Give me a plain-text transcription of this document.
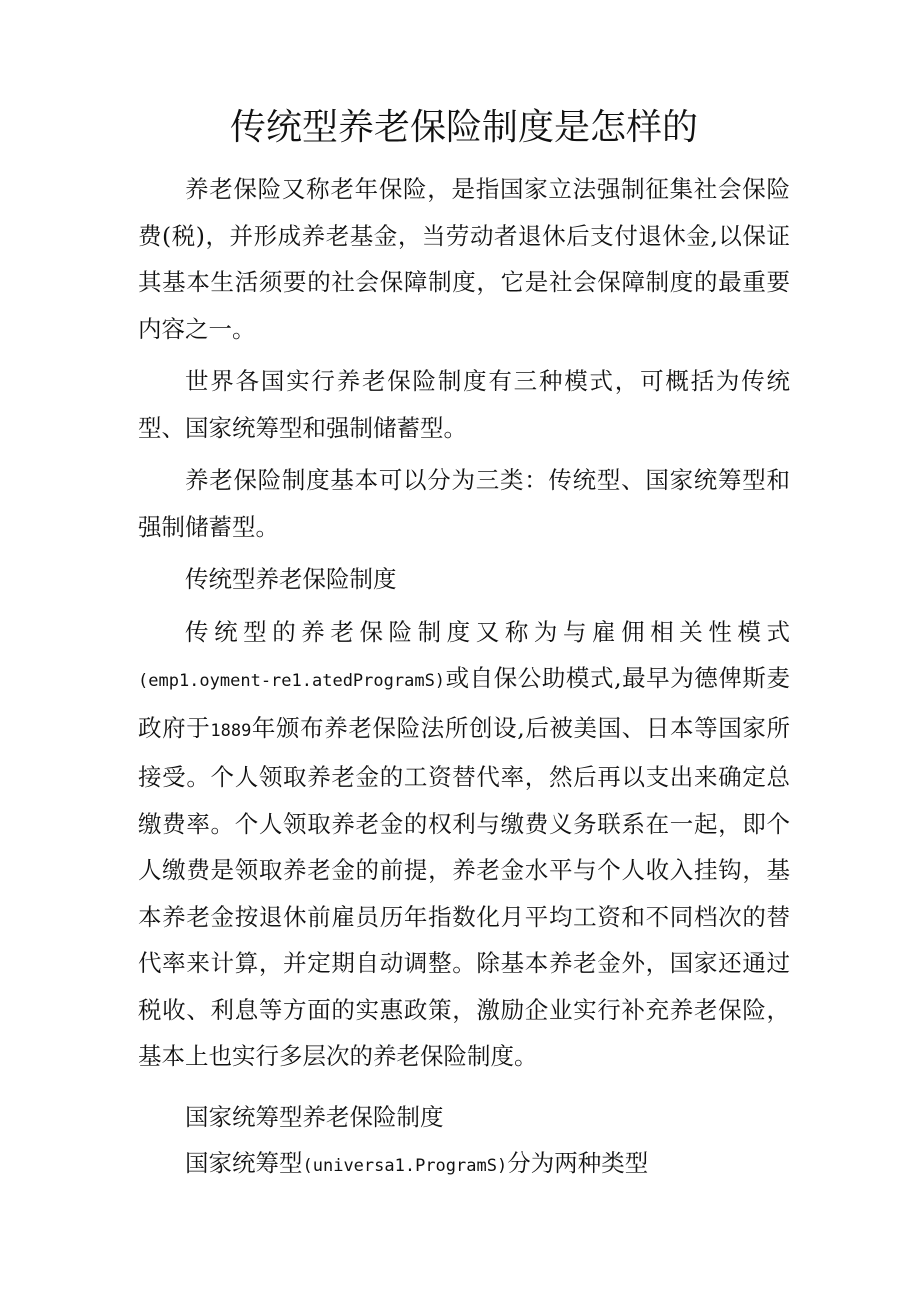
传统型养老保险制度是怎样的

养老保险又称老年保险，是指国家立法强制征集社会保险费(税)，并形成养老基金，当劳动者退休后支付退休金,以保证其基本生活须要的社会保障制度，它是社会保障制度的最重要内容之一。

世界各国实行养老保险制度有三种模式，可概括为传统型、国家统筹型和强制储蓄型。

养老保险制度基本可以分为三类：传统型、国家统筹型和强制储蓄型。

传统型养老保险制度

传统型的养老保险制度又称为与雇佣相关性模式(emp1.oyment-re1.atedProgramS)或自保公助模式,最早为德俾斯麦政府于1889年颁布养老保险法所创设,后被美国、日本等国家所接受。个人领取养老金的工资替代率，然后再以支出来确定总缴费率。个人领取养老金的权利与缴费义务联系在一起，即个人缴费是领取养老金的前提，养老金水平与个人收入挂钩，基本养老金按退休前雇员历年指数化月平均工资和不同档次的替代率来计算，并定期自动调整。除基本养老金外，国家还通过税收、利息等方面的实惠政策，激励企业实行补充养老保险，基本上也实行多层次的养老保险制度。

国家统筹型养老保险制度

国家统筹型(universa1.ProgramS)分为两种类型
